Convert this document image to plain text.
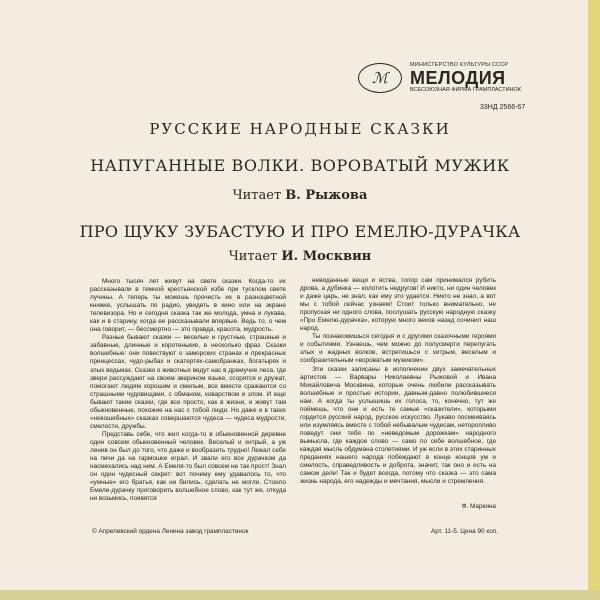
ℳ
МИНИСТЕРСТВО КУЛЬТУРЫ СССР
МЕЛОДИЯ
ВСЕСОЮЗНАЯ ФИРМА ГРАМПЛАСТИНОК
33НД 2566-67
РУССКИЕ НАРОДНЫЕ СКАЗКИ
НАПУГАННЫЕ ВОЛКИ. ВОРОВАТЫЙ МУЖИК
Читает В. Рыжова
ПРО ЩУКУ ЗУБАСТУЮ И ПРО ЕМЕЛЮ-ДУРАЧКА
Читает И. Москвин

Много тысяч лет живут на свете сказки. Когда-то их рассказывали в темной крестьянской избе при тусклом свете лучины. А теперь ты можешь прочесть их в разноцветной книжке, услышать по радио, увидеть в кино или на экране телевизора. Но и сегодня сказка так же молода, умна и лукава, как и в старину, когда ее рассказывали впервые. Ведь то, о чем она говорит, — бессмертно — это правда, красота, мудрость.

Разные бывают сказки — веселые и грустные, страшные и забавные, длинные и коротенькие, в несколько фраз. Сказки волшебные: они повествуют о заморских странах и прекрасных принцессах, чудо-рыбах и скатертях-самобранках, богатырях и злых ведьмах. Сказки о животных ведут нас в дремучие леса, где звери рассуждают на своем зверином языке, ссорятся и дружат, помогают людям хорошим и смелым, все вместе сражаются со страшными чудовищами, с обманом, коварством и злом. И еще бывают такие сказки, где все просто, как в жизни, и живут там обыкновенные, похожие на нас с тобой люди. Но даже и в таких «некошебных» сказках совершаются чудеса — чудеса мудрости, смелости, дружбы.

Представь себе, что жил когда-то в обыкновенной деревне один совсем обыкновенный человек. Веселый и хитрый, а уж ленив он был до того, что даже и вообразить трудно! Лежал себе на печи да на гармошке играл. И звали его все дурачком да насмехались над ним. А Емеля-то был совсем не так прост! Знал он один чудесный секрет: вот почему ему удавалось то, что «умные» его братья, как ни бились, сделать не могли. Стоило Емеле-дурачку проговорить волшебное слово, как тут же, откуда ни возьмись, появятся

невиданные вещи и яства, топор сам принимался рубить дрова, а дубинка — колотить недругов! И никто, ни один человек и даже царь, не знал, как ему это удается. Никто не знал, а вот мы с тобой сейчас узнаем! Стоит только внимательно, не пропуская ни одного слова, послушать русскую народную сказку «Про Емелю-дурачка», которую много веков назад сочинил наш народ.

Ты познакомишься сегодня и с другими сказочными героями и событиями. Узнаешь, чем можно до полусмерти перепугать злых и жадных волков, встретишься с хитрым, веселым и сообразительным «вороватым мужиком».

Эти сказки записаны в исполнении двух замечательных артистов — Варвары Николаевны Рыжовой и Ивана Михайловича Москвина, которые очень любили рассказывать волшебные и простые истории, давным-давно полюбившиеся нам. А когда ты услышишь их голоса, то, конечно, тут же поймешь, что они и есть те самые «сказители», которыми гордится русский народ, русское искусство. Лукаво посмеиваясь или изумляясь вместе с тобой небывалым чудесам, неторопливо поведут они тебя по «неведомым дорожкам» народного вымысла, где каждое слово — само по себе волшебное, где каждая мысль обдумана столетиями. И уж если в этих старинных преданиях нашего народа побеждают в конце концов ум и смелость, справедливость и доброта, значит, так оно и есть на самом деле! Так и будет всегда, потому что сказка — это сама жизнь народа, его надежды и мечтания, мысли и стремления.

Ф. Маркина
© Апрелевский ордена Ленина завод грампластинок	Арт. 11-5. Цена 90 коп.
